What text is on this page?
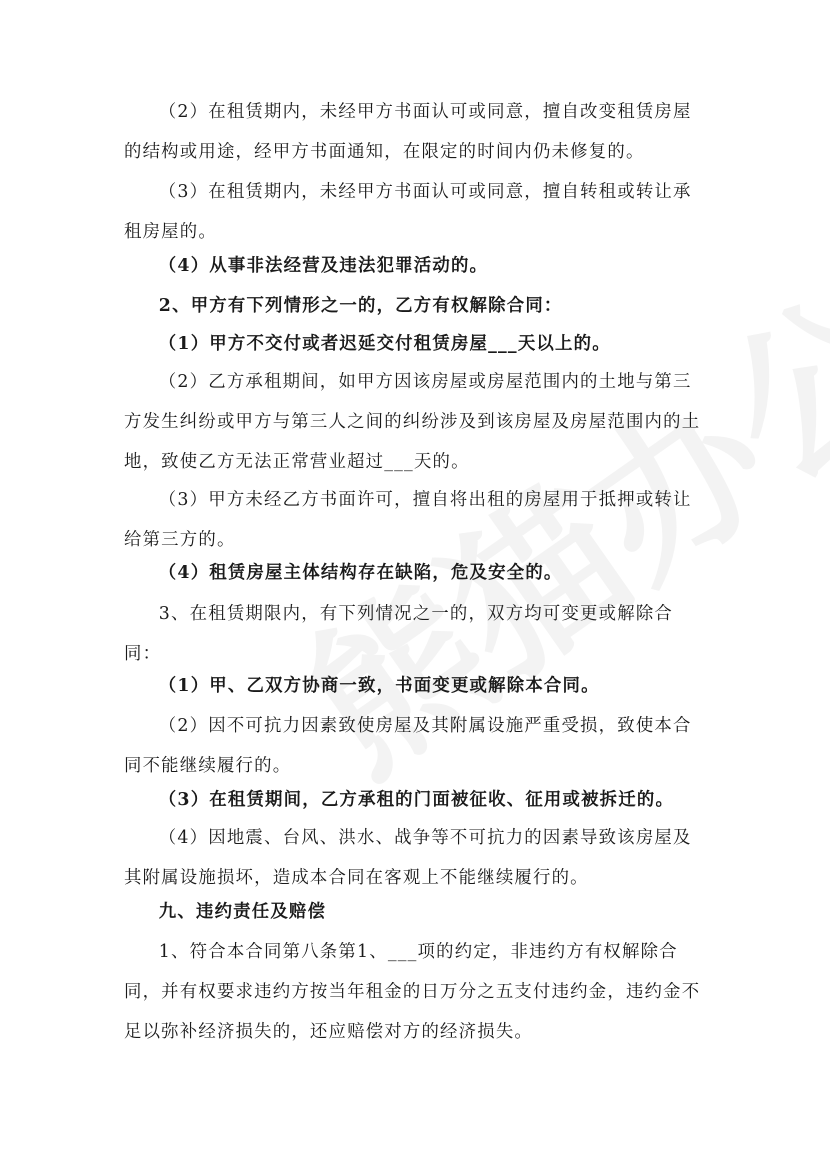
（2）在租赁期内，未经甲方书面认可或同意，擅自改变租赁房屋的结构或用途，经甲方书面通知，在限定的时间内仍未修复的。
（3）在租赁期内，未经甲方书面认可或同意，擅自转租或转让承租房屋的。
（4）从事非法经营及违法犯罪活动的。
2、甲方有下列情形之一的，乙方有权解除合同：
（1）甲方不交付或者迟延交付租赁房屋___天以上的。
（2）乙方承租期间，如甲方因该房屋或房屋范围内的土地与第三方发生纠纷或甲方与第三人之间的纠纷涉及到该房屋及房屋范围内的土地，致使乙方无法正常营业超过___天的。
（3）甲方未经乙方书面许可，擅自将出租的房屋用于抵押或转让给第三方的。
（4）租赁房屋主体结构存在缺陷，危及安全的。
3、在租赁期限内，有下列情况之一的，双方均可变更或解除合同：
（1）甲、乙双方协商一致，书面变更或解除本合同。
（2）因不可抗力因素致使房屋及其附属设施严重受损，致使本合同不能继续履行的。
（3）在租赁期间，乙方承租的门面被征收、征用或被拆迁的。
（4）因地震、台风、洪水、战争等不可抗力的因素导致该房屋及其附属设施损坏，造成本合同在客观上不能继续履行的。
九、违约责任及赔偿
1、符合本合同第八条第1、___项的约定，非违约方有权解除合同，并有权要求违约方按当年租金的日万分之五支付违约金，违约金不足以弥补经济损失的，还应赔偿对方的经济损失。
